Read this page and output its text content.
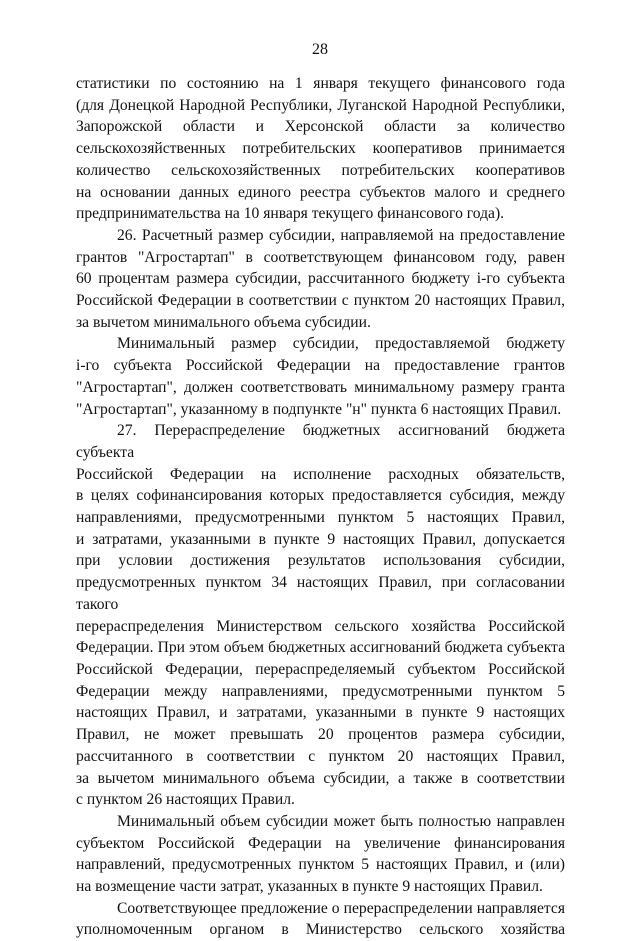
28
статистики по состоянию на 1 января текущего финансового года
(для Донецкой Народной Республики, Луганской Народной Республики,
Запорожской области и Херсонской области за количество
сельскохозяйственных потребительских кооперативов принимается
количество сельскохозяйственных потребительских кооперативов
на основании данных единого реестра субъектов малого и среднего
предпринимательства на 10 января текущего финансового года).
26. Расчетный размер субсидии, направляемой на предоставление
грантов "Агростартап" в соответствующем финансовом году, равен
60 процентам размера субсидии, рассчитанного бюджету i-го субъекта
Российской Федерации в соответствии с пунктом 20 настоящих Правил,
за вычетом минимального объема субсидии.
Минимальный размер субсидии, предоставляемой бюджету
i-го субъекта Российской Федерации на предоставление грантов
"Агростартап", должен соответствовать минимальному размеру гранта
"Агростартап", указанному в подпункте "н" пункта 6 настоящих Правил.
27. Перераспределение бюджетных ассигнований бюджета субъекта
Российской Федерации на исполнение расходных обязательств,
в целях софинансирования которых предоставляется субсидия, между
направлениями, предусмотренными пунктом 5 настоящих Правил,
и затратами, указанными в пункте 9 настоящих Правил, допускается
при условии достижения результатов использования субсидии,
предусмотренных пунктом 34 настоящих Правил, при согласовании такого
перераспределения Министерством сельского хозяйства Российской
Федерации. При этом объем бюджетных ассигнований бюджета субъекта
Российской Федерации, перераспределяемый субъектом Российской
Федерации между направлениями, предусмотренными пунктом 5
настоящих Правил, и затратами, указанными в пункте 9 настоящих
Правил, не может превышать 20 процентов размера субсидии,
рассчитанного в соответствии с пунктом 20 настоящих Правил,
за вычетом минимального объема субсидии, а также в соответствии
с пунктом 26 настоящих Правил.
Минимальный объем субсидии может быть полностью направлен
субъектом Российской Федерации на увеличение финансирования
направлений, предусмотренных пунктом 5 настоящих Правил, и (или)
на возмещение части затрат, указанных в пункте 9 настоящих Правил.
Соответствующее предложение о перераспределении направляется
уполномоченным органом в Министерство сельского хозяйства
